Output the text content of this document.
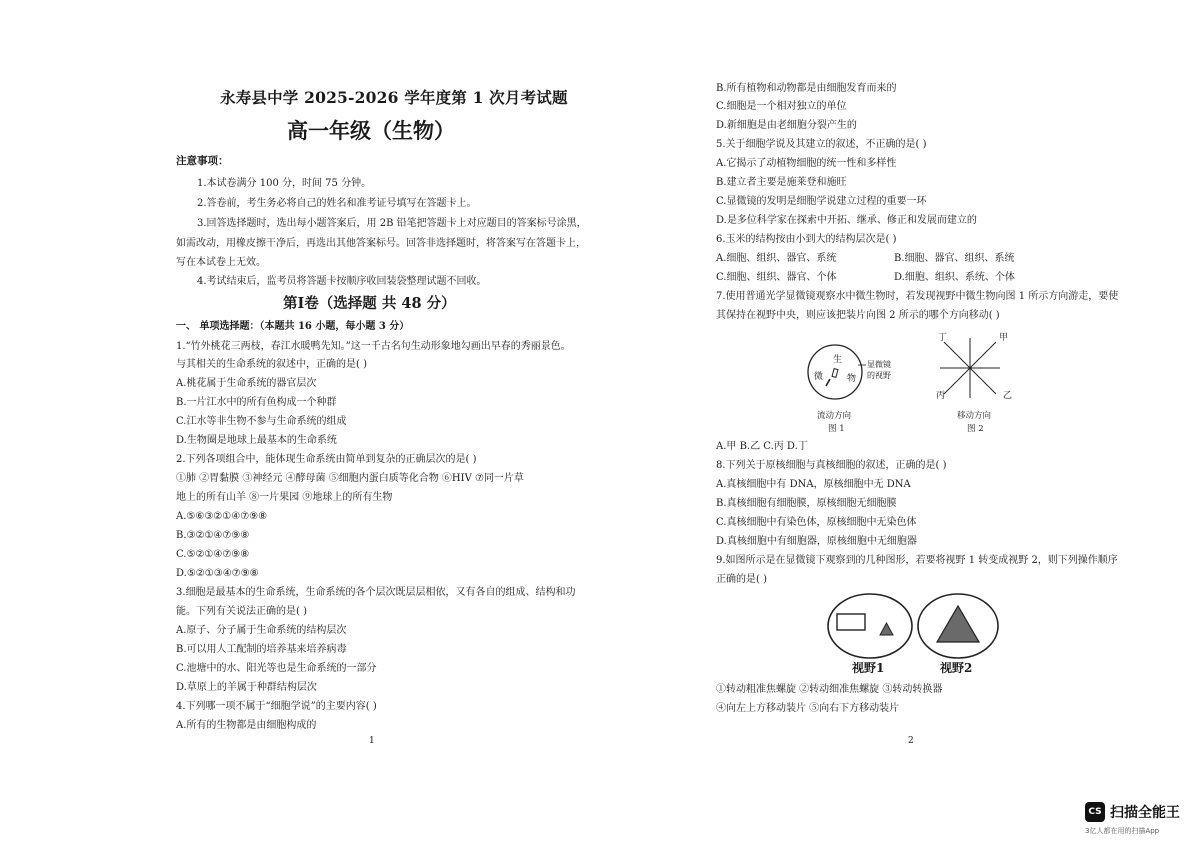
永寿县中学 2025-2026 学年度第 1 次月考试题
高一年级（生物）
注意事项：
1.本试卷满分 100 分，时间 75 分钟。
2.答卷前，考生务必将自己的姓名和准考证号填写在答题卡上。
3.回答选择题时，选出每小题答案后，用 2B 铅笔把答题卡上对应题目的答案标号涂黑，
如需改动，用橡皮擦干净后，再选出其他答案标号。回答非选择题时，将答案写在答题卡上，
写在本试卷上无效。
4.考试结束后，监考员将答题卡按顺序收回装袋整理试题不回收。
第Ⅰ卷（选择题 共 48 分）
一、 单项选择题：（本题共 16 小题，每小题 3 分）
1.“竹外桃花三两枝，春江水暖鸭先知。”这一千古名句生动形象地勾画出早春的秀丽景色。
与其相关的生命系统的叙述中，正确的是( )
A.桃花属于生命系统的器官层次
B.一片江水中的所有鱼构成一个种群
C.江水等非生物不参与生命系统的组成
D.生物圈是地球上最基本的生命系统
2.下列各项组合中，能体现生命系统由简单到复杂的正确层次的是( )
①肺 ②胃黏膜 ③神经元 ④酵母菌 ⑤细胞内蛋白质等化合物 ⑥HIV ⑦同一片草
地上的所有山羊 ⑧一片果园 ⑨地球上的所有生物
A.⑤⑥③②①④⑦⑨⑧
B.③②①④⑦⑨⑧
C.⑤②①④⑦⑨⑧
D.⑤②①③④⑦⑨⑧
3.细胞是最基本的生命系统，生命系统的各个层次既层层相依，又有各自的组成、结构和功
能。下列有关说法正确的是( )
A.原子、分子属于生命系统的结构层次
B.可以用人工配制的培养基来培养病毒
C.池塘中的水、阳光等也是生命系统的一部分
D.草原上的羊属于种群结构层次
4.下列哪一项不属于“细胞学说”的主要内容( )
A.所有的生物都是由细胞构成的
1
B.所有植物和动物都是由细胞发育而来的
C.细胞是一个相对独立的单位
D.新细胞是由老细胞分裂产生的
5.关于细胞学说及其建立的叙述，不正确的是( )
A.它揭示了动植物细胞的统一性和多样性
B.建立者主要是施莱登和施旺
C.显微镜的发明是细胞学说建立过程的重要一环
D.是多位科学家在探索中开拓、继承、修正和发展而建立的
6.玉米的结构按由小到大的结构层次是( )
A.细胞、组织、器官、系统	B.细胞、器官、组织、系统
C.细胞、组织、器官、个体	D.细胞、组织、系统、个体
7.使用普通光学显微镜观察水中微生物时，若发现视野中微生物向图 1 所示方向游走，要使
其保持在视野中央，则应该把装片向图 2 所示的哪个方向移动( )
生
微	物
显微镜
的视野
流动方向
图 1
丁	甲
丙	乙
移动方向
图 2
A.甲 B.乙 C.丙 D.丁
8.下列关于原核细胞与真核细胞的叙述，正确的是( )
A.真核细胞中有 DNA，原核细胞中无 DNA
B.真核细胞有细胞膜，原核细胞无细胞膜
C.真核细胞中有染色体，原核细胞中无染色体
D.真核细胞中有细胞器，原核细胞中无细胞器
9.如图所示是在显微镜下观察到的几种图形，若要将视野 1 转变成视野 2，则下列操作顺序
正确的是( )
视野1	视野2
①转动粗准焦螺旋 ②转动细准焦螺旋 ③转动转换器
④向左上方移动装片 ⑤向右下方移动装片
2
CS 扫描全能王
3亿人都在用的扫描App
